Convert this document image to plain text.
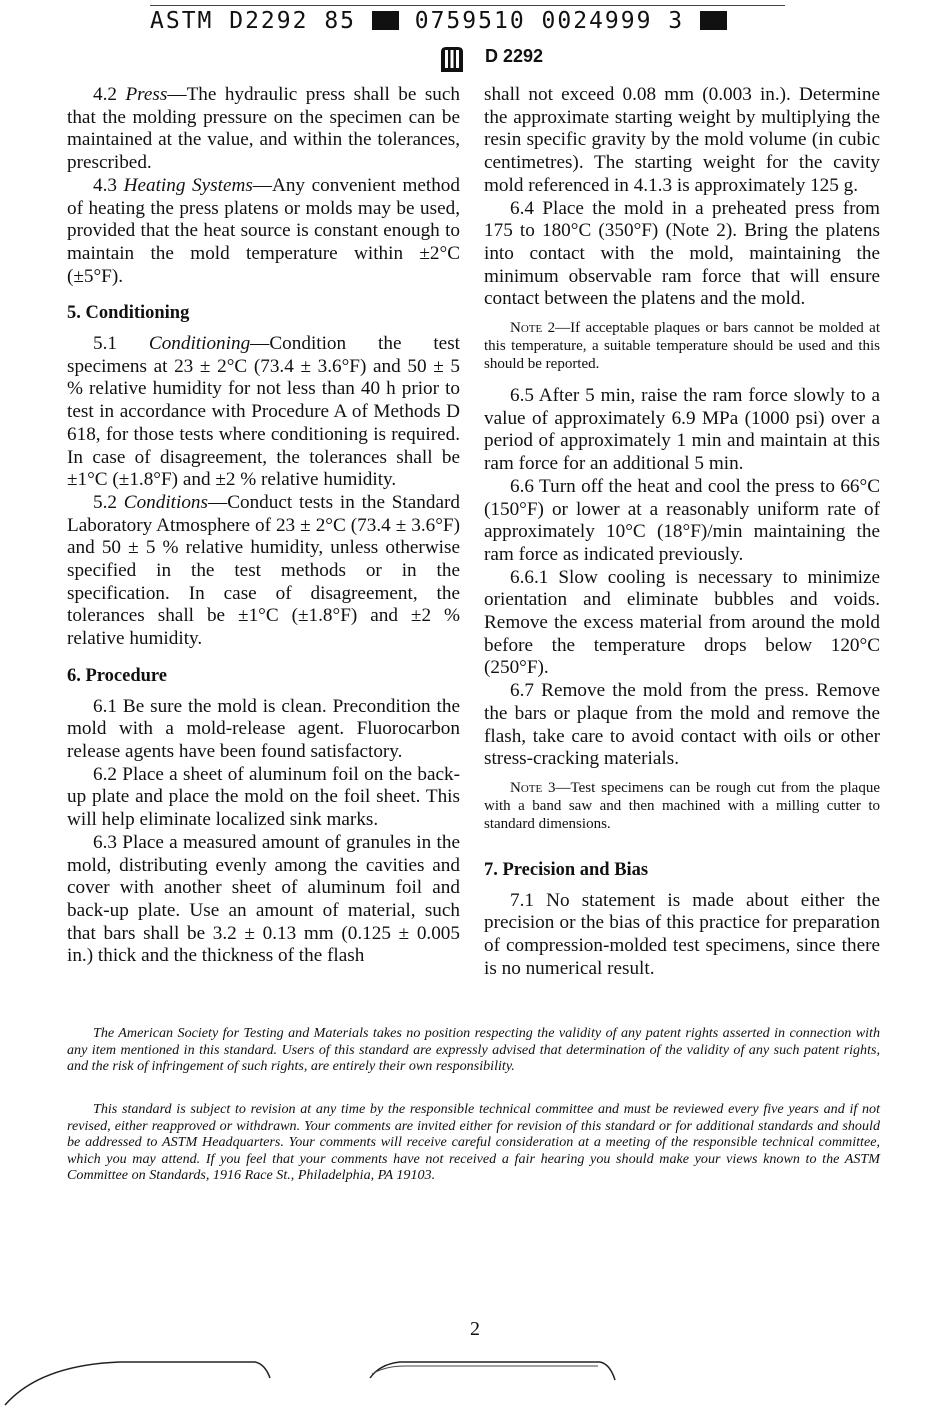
ASTM D2292 85	0759510 0024999 3
D 2292

4.2 Press—The hydraulic press shall be such that the molding pressure on the specimen can be maintained at the value, and within the tolerances, prescribed.

4.3 Heating Systems—Any convenient method of heating the press platens or molds may be used, provided that the heat source is constant enough to maintain the mold temperature within ±2°C (±5°F).

5. Conditioning

5.1 Conditioning—Condition the test specimens at 23 ± 2°C (73.4 ± 3.6°F) and 50 ± 5 % relative humidity for not less than 40 h prior to test in accordance with Procedure A of Methods D 618, for those tests where conditioning is required. In case of disagreement, the tolerances shall be ±1°C (±1.8°F) and ±2 % relative humidity.

5.2 Conditions—Conduct tests in the Standard Laboratory Atmosphere of 23 ± 2°C (73.4 ± 3.6°F) and 50 ± 5 % relative humidity, unless otherwise specified in the test methods or in the specification. In case of disagreement, the tolerances shall be ±1°C (±1.8°F) and ±2 % relative humidity.

6. Procedure

6.1 Be sure the mold is clean. Precondition the mold with a mold-release agent. Fluorocarbon release agents have been found satisfactory.

6.2 Place a sheet of aluminum foil on the back-up plate and place the mold on the foil sheet. This will help eliminate localized sink marks.

6.3 Place a measured amount of granules in the mold, distributing evenly among the cavities and cover with another sheet of aluminum foil and back-up plate. Use an amount of material, such that bars shall be 3.2 ± 0.13 mm (0.125 ± 0.005 in.) thick and the thickness of the flash

shall not exceed 0.08 mm (0.003 in.). Determine the approximate starting weight by multiplying the resin specific gravity by the mold volume (in cubic centimetres). The starting weight for the cavity mold referenced in 4.1.3 is approximately 125 g.

6.4 Place the mold in a preheated press from 175 to 180°C (350°F) (Note 2). Bring the platens into contact with the mold, maintaining the minimum observable ram force that will ensure contact between the platens and the mold.

Note 2—If acceptable plaques or bars cannot be molded at this temperature, a suitable temperature should be used and this should be reported.

6.5 After 5 min, raise the ram force slowly to a value of approximately 6.9 MPa (1000 psi) over a period of approximately 1 min and maintain at this ram force for an additional 5 min.

6.6 Turn off the heat and cool the press to 66°C (150°F) or lower at a reasonably uniform rate of approximately 10°C (18°F)/min maintaining the ram force as indicated previously.

6.6.1 Slow cooling is necessary to minimize orientation and eliminate bubbles and voids. Remove the excess material from around the mold before the temperature drops below 120°C (250°F).

6.7 Remove the mold from the press. Remove the bars or plaque from the mold and remove the flash, take care to avoid contact with oils or other stress-cracking materials.

Note 3—Test specimens can be rough cut from the plaque with a band saw and then machined with a milling cutter to standard dimensions.

7. Precision and Bias

7.1 No statement is made about either the precision or the bias of this practice for preparation of compression-molded test specimens, since there is no numerical result.

The American Society for Testing and Materials takes no position respecting the validity of any patent rights asserted in connection with any item mentioned in this standard. Users of this standard are expressly advised that determination of the validity of any such patent rights, and the risk of infringement of such rights, are entirely their own responsibility.

This standard is subject to revision at any time by the responsible technical committee and must be reviewed every five years and if not revised, either reapproved or withdrawn. Your comments are invited either for revision of this standard or for additional standards and should be addressed to ASTM Headquarters. Your comments will receive careful consideration at a meeting of the responsible technical committee, which you may attend. If you feel that your comments have not received a fair hearing you should make your views known to the ASTM Committee on Standards, 1916 Race St., Philadelphia, PA 19103.

2
